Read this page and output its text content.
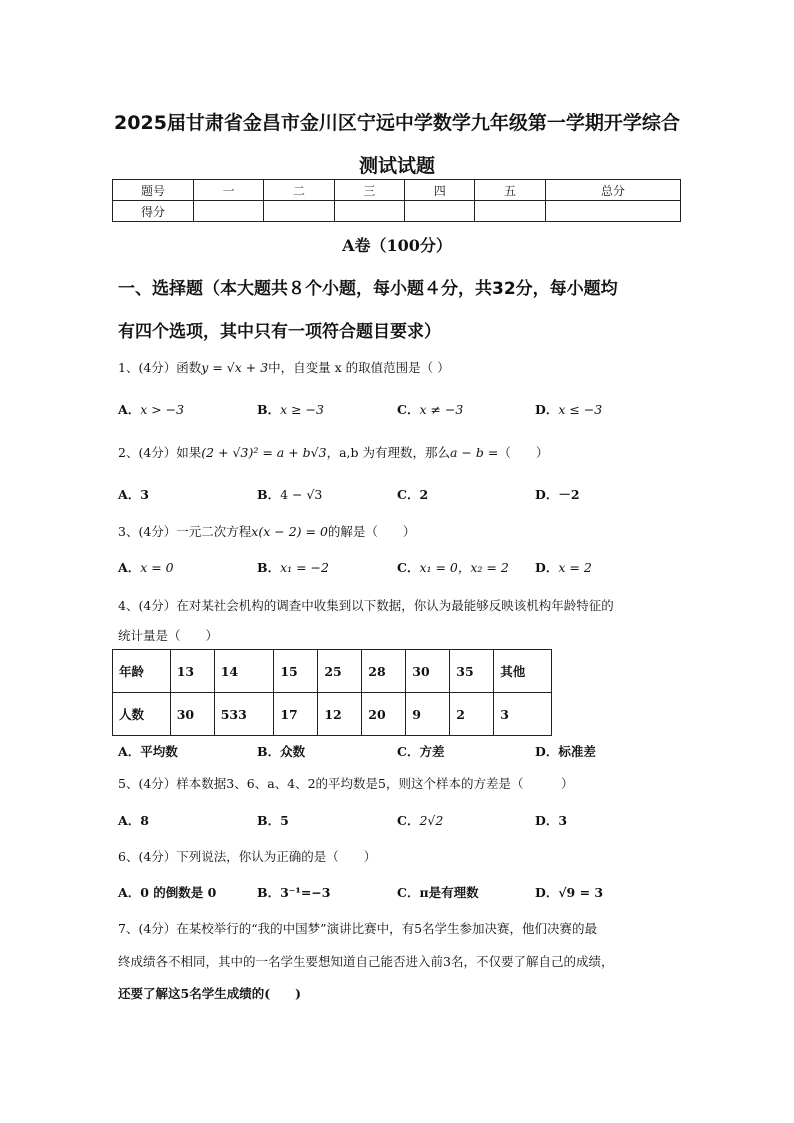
2025届甘肃省金昌市金川区宁远中学数学九年级第一学期开学综合
测试试题
题号	一	二	三	四	五	总分
得分						
A卷（100分）
一、选择题（本大题共８个小题，每小题４分，共32分，每小题均
有四个选项，其中只有一项符合题目要求）
1、(4分）函数y = √x + 3中，自变量 x 的取值范围是（ ）
A．x > −3	B．x ≥ −3	C．x ≠ −3	D．x ≤ −3
2、(4分）如果(2 + √3)² = a + b√3，a,b 为有理数，那么a − b =（　　）
A．3	B．4 − √3	C．2	D．－2
3、(4分）一元二次方程x(x − 2) = 0的解是（　　）
A．x = 0	B．x₁ = −2	C．x₁ = 0，x₂ = 2 D．x = 2
4、(4分）在对某社会机构的调查中收集到以下数据，你认为最能够反映该机构年龄特征的
统计量是（　　）
年龄	13	14	15	25	28	30	35	其他
人数	30	533	17	12	20	9	2	3
A．平均数	B．众数	C．方差	D．标准差
5、(4分）样本数据3、6、a、4、2的平均数是5，则这个样本的方差是（　　　）
A．8	B．5	C．2√2	D．3
6、(4分）下列说法，你认为正确的是（　　）
A．0 的倒数是 0	B．3⁻¹=−3	C．π是有理数	D．√9 = 3
7、(4分）在某校举行的“我的中国梦”演讲比赛中，有5名学生参加决赛，他们决赛的最
终成绩各不相同，其中的一名学生要想知道自己能否进入前3名，不仅要了解自己的成绩，
还要了解这5名学生成绩的(　　)
